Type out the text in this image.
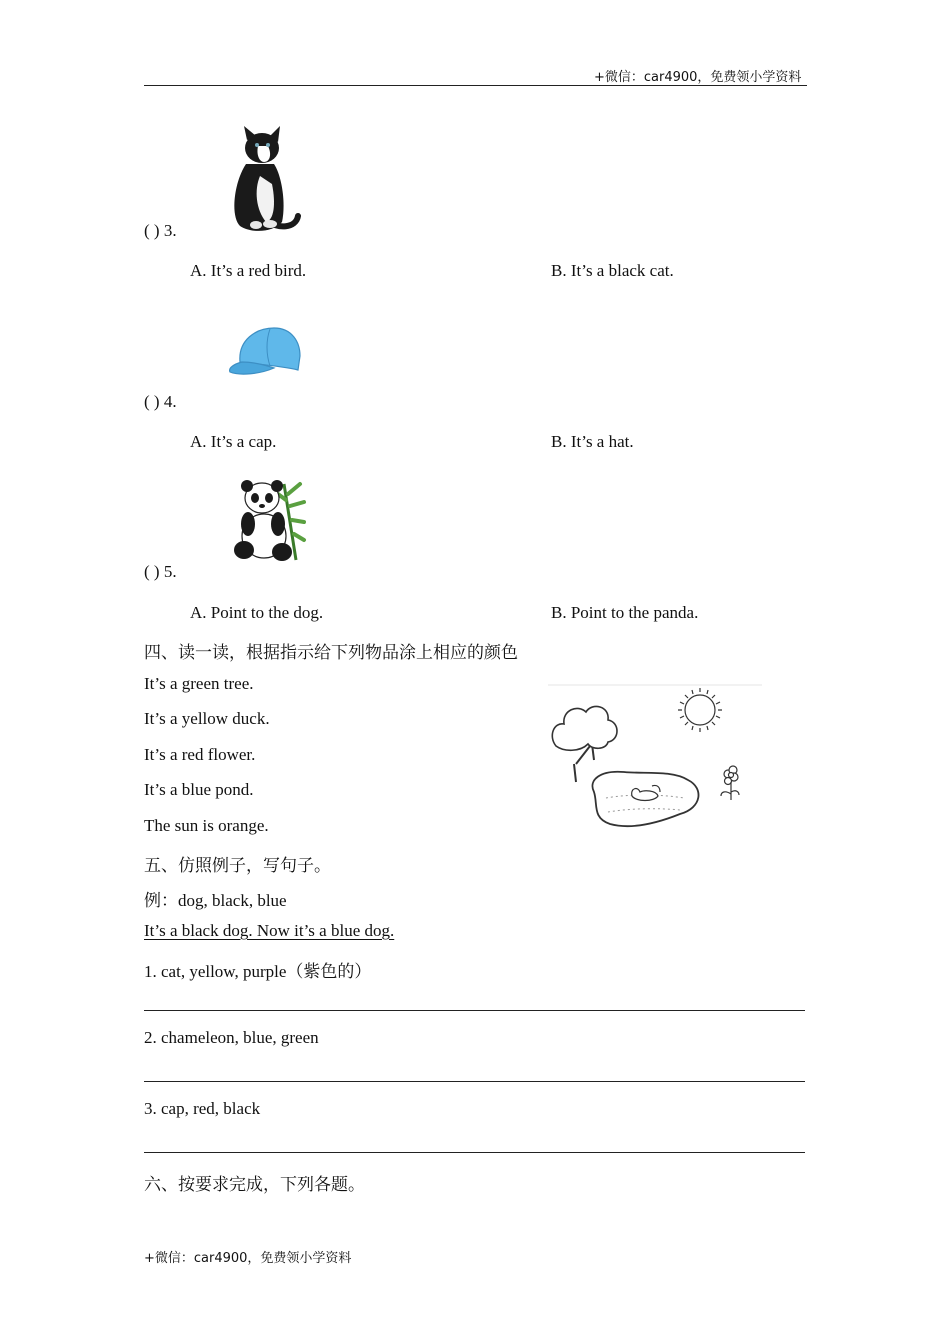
+微信：car4900，免费领小学资料
( ) 3.
A. It’s a red bird.	B. It’s a black cat.
( ) 4.
A. It’s a cap.	B. It’s a hat.
( ) 5.
A. Point to the dog.	B. Point to the panda.
四、读一读，根据指示给下列物品涂上相应的颜色
It’s a green tree.
It’s a yellow duck.
It’s a red flower.
It’s a blue pond.
The sun is orange.
五、仿照例子，写句子。
例：dog, black, blue
It’s a black dog. Now it’s a blue dog.
1. cat, yellow, purple（紫色的）
2. chameleon, blue, green
3. cap, red, black
六、按要求完成，下列各题。
+微信：car4900，免费领小学资料
